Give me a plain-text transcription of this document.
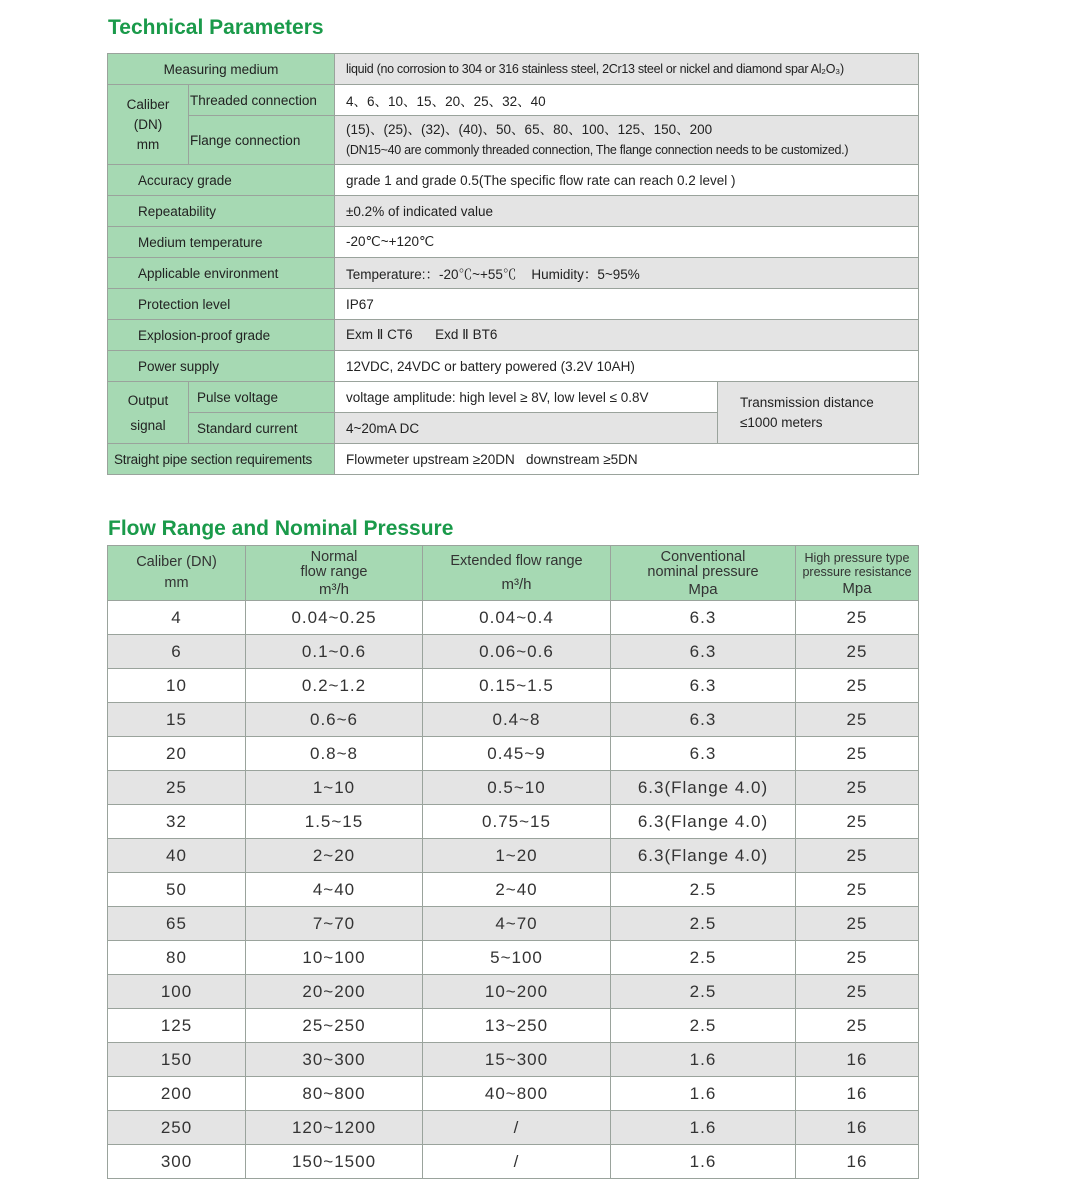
Technical Parameters
Measuring medium		liquid (no corrosion to 304 or 316 stainless steel, 2Cr13 steel or nickel and diamond spar Al₂O₃)	

Caliber
(DN)
mm	Threaded connection	4、6、10、15、20、25、32、40	
	Flange connection	(15)、(25)、(32)、(40)、50、65、80、100、125、150、200
(DN15~40 are commonly threaded connection, The flange connection needs to be customized.)	

Accuracy grade		grade 1 and grade 0.5(The specific flow rate can reach 0.2 level )	
Repeatability		±0.2% of indicated value	
Medium temperature		-20℃~+120℃	
Applicable environment		Temperature:：-20℃~+55℃    Humidity：5~95%	
Protection level		IP67	
Explosion-proof grade		Exm Ⅱ CT6      Exd Ⅱ BT6	
Power supply		12VDC, 24VDC or battery powered (3.2V 10AH)	

Output
signal	Pulse voltage	voltage amplitude: high level ≥ 8V, low level ≤ 0.8V	Transmission distance
≤1000 meters

	Standard current	4~20mA DC	
Straight pipe section requirements		Flowmeter upstream ≥20DN   downstream ≥5DN	
Flow Range and Nominal Pressure
Caliber (DN)
mm	Normal
flow range
m³/h	Extended flow range
m³/h	Conventional
nominal pressure
Mpa	High pressure type
pressure resistance
Mpa

4	0.04~0.25	0.04~0.4	6.3	25
6	0.1~0.6	0.06~0.6	6.3	25
10	0.2~1.2	0.15~1.5	6.3	25
15	0.6~6	0.4~8	6.3	25
20	0.8~8	0.45~9	6.3	25
25	1~10	0.5~10	6.3(Flange 4.0)	25
32	1.5~15	0.75~15	6.3(Flange 4.0)	25
40	2~20	1~20	6.3(Flange 4.0)	25
50	4~40	2~40	2.5	25
65	7~70	4~70	2.5	25
80	10~100	5~100	2.5	25
100	20~200	10~200	2.5	25
125	25~250	13~250	2.5	25
150	30~300	15~300	1.6	16
200	80~800	40~800	1.6	16
250	120~1200	/	1.6	16
300	150~1500	/	1.6	16
